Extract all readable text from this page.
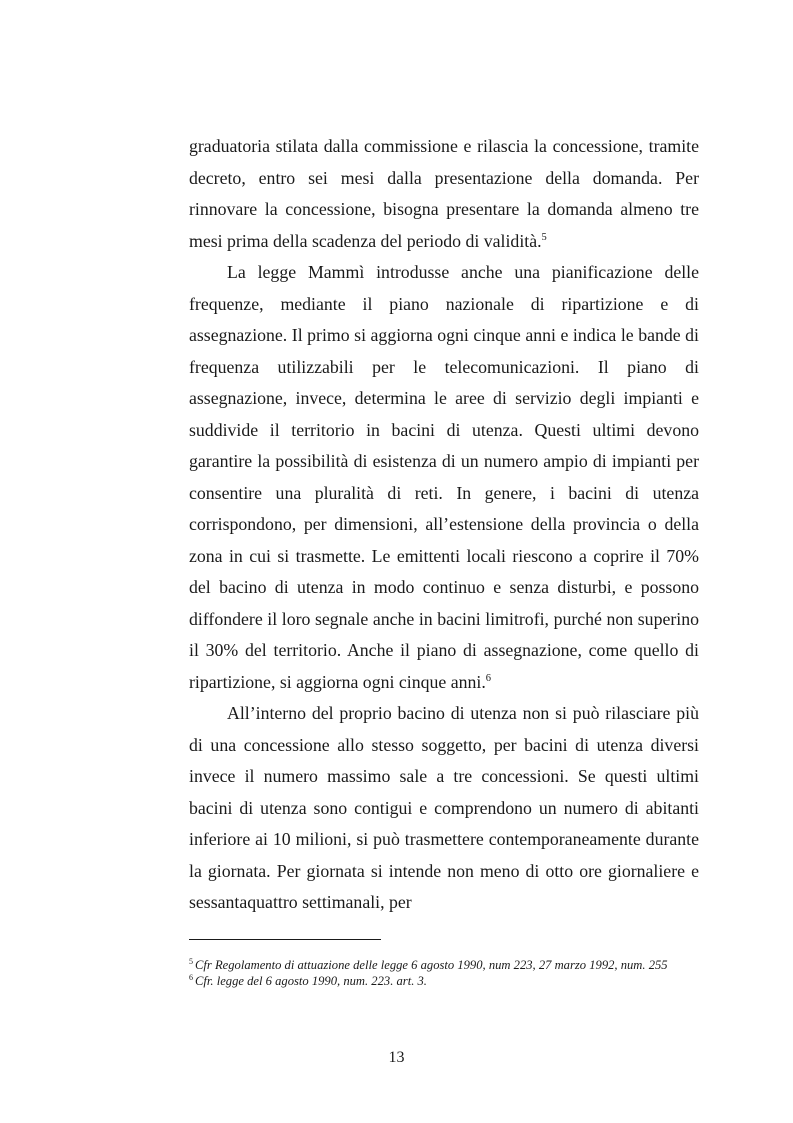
graduatoria stilata dalla commissione e rilascia la concessione, tramite decreto, entro sei mesi dalla presentazione della domanda. Per rinnovare la concessione, bisogna presentare la domanda almeno tre mesi prima della scadenza del periodo di validità.$^5$

La legge Mammì introdusse anche una pianificazione delle frequenze, mediante il piano nazionale di ripartizione e di assegnazione. Il primo si aggiorna ogni cinque anni e indica le bande di frequenza utilizzabili per le telecomunicazioni. Il piano di assegnazione, invece, determina le aree di servizio degli impianti e suddivide il territorio in bacini di utenza. Questi ultimi devono garantire la possibilità di esistenza di un numero ampio di impianti per consentire una pluralità di reti. In genere, i bacini di utenza corrispondono, per dimensioni, all’estensione della provincia o della zona in cui si trasmette. Le emittenti locali riescono a coprire il 70% del bacino di utenza in modo continuo e senza disturbi, e possono diffondere il loro segnale anche in bacini limitrofi, purché non superino il 30% del territorio. Anche il piano di assegnazione, come quello di ripartizione, si aggiorna ogni cinque anni.$^6$

All’interno del proprio bacino di utenza non si può rilasciare più di una concessione allo stesso soggetto, per bacini di utenza diversi invece il numero massimo sale a tre concessioni. Se questi ultimi bacini di utenza sono contigui e comprendono un numero di abitanti inferiore ai 10 milioni, si può trasmettere contemporaneamente durante la giornata. Per giornata si intende non meno di otto ore giornaliere e sessantaquattro settimanali, per

$^5$ Cfr Regolamento di attuazione delle legge 6 agosto 1990, num 223, 27 marzo 1992, num. 255
$^6$ Cfr. legge del 6 agosto 1990, num. 223. art. 3.
13
